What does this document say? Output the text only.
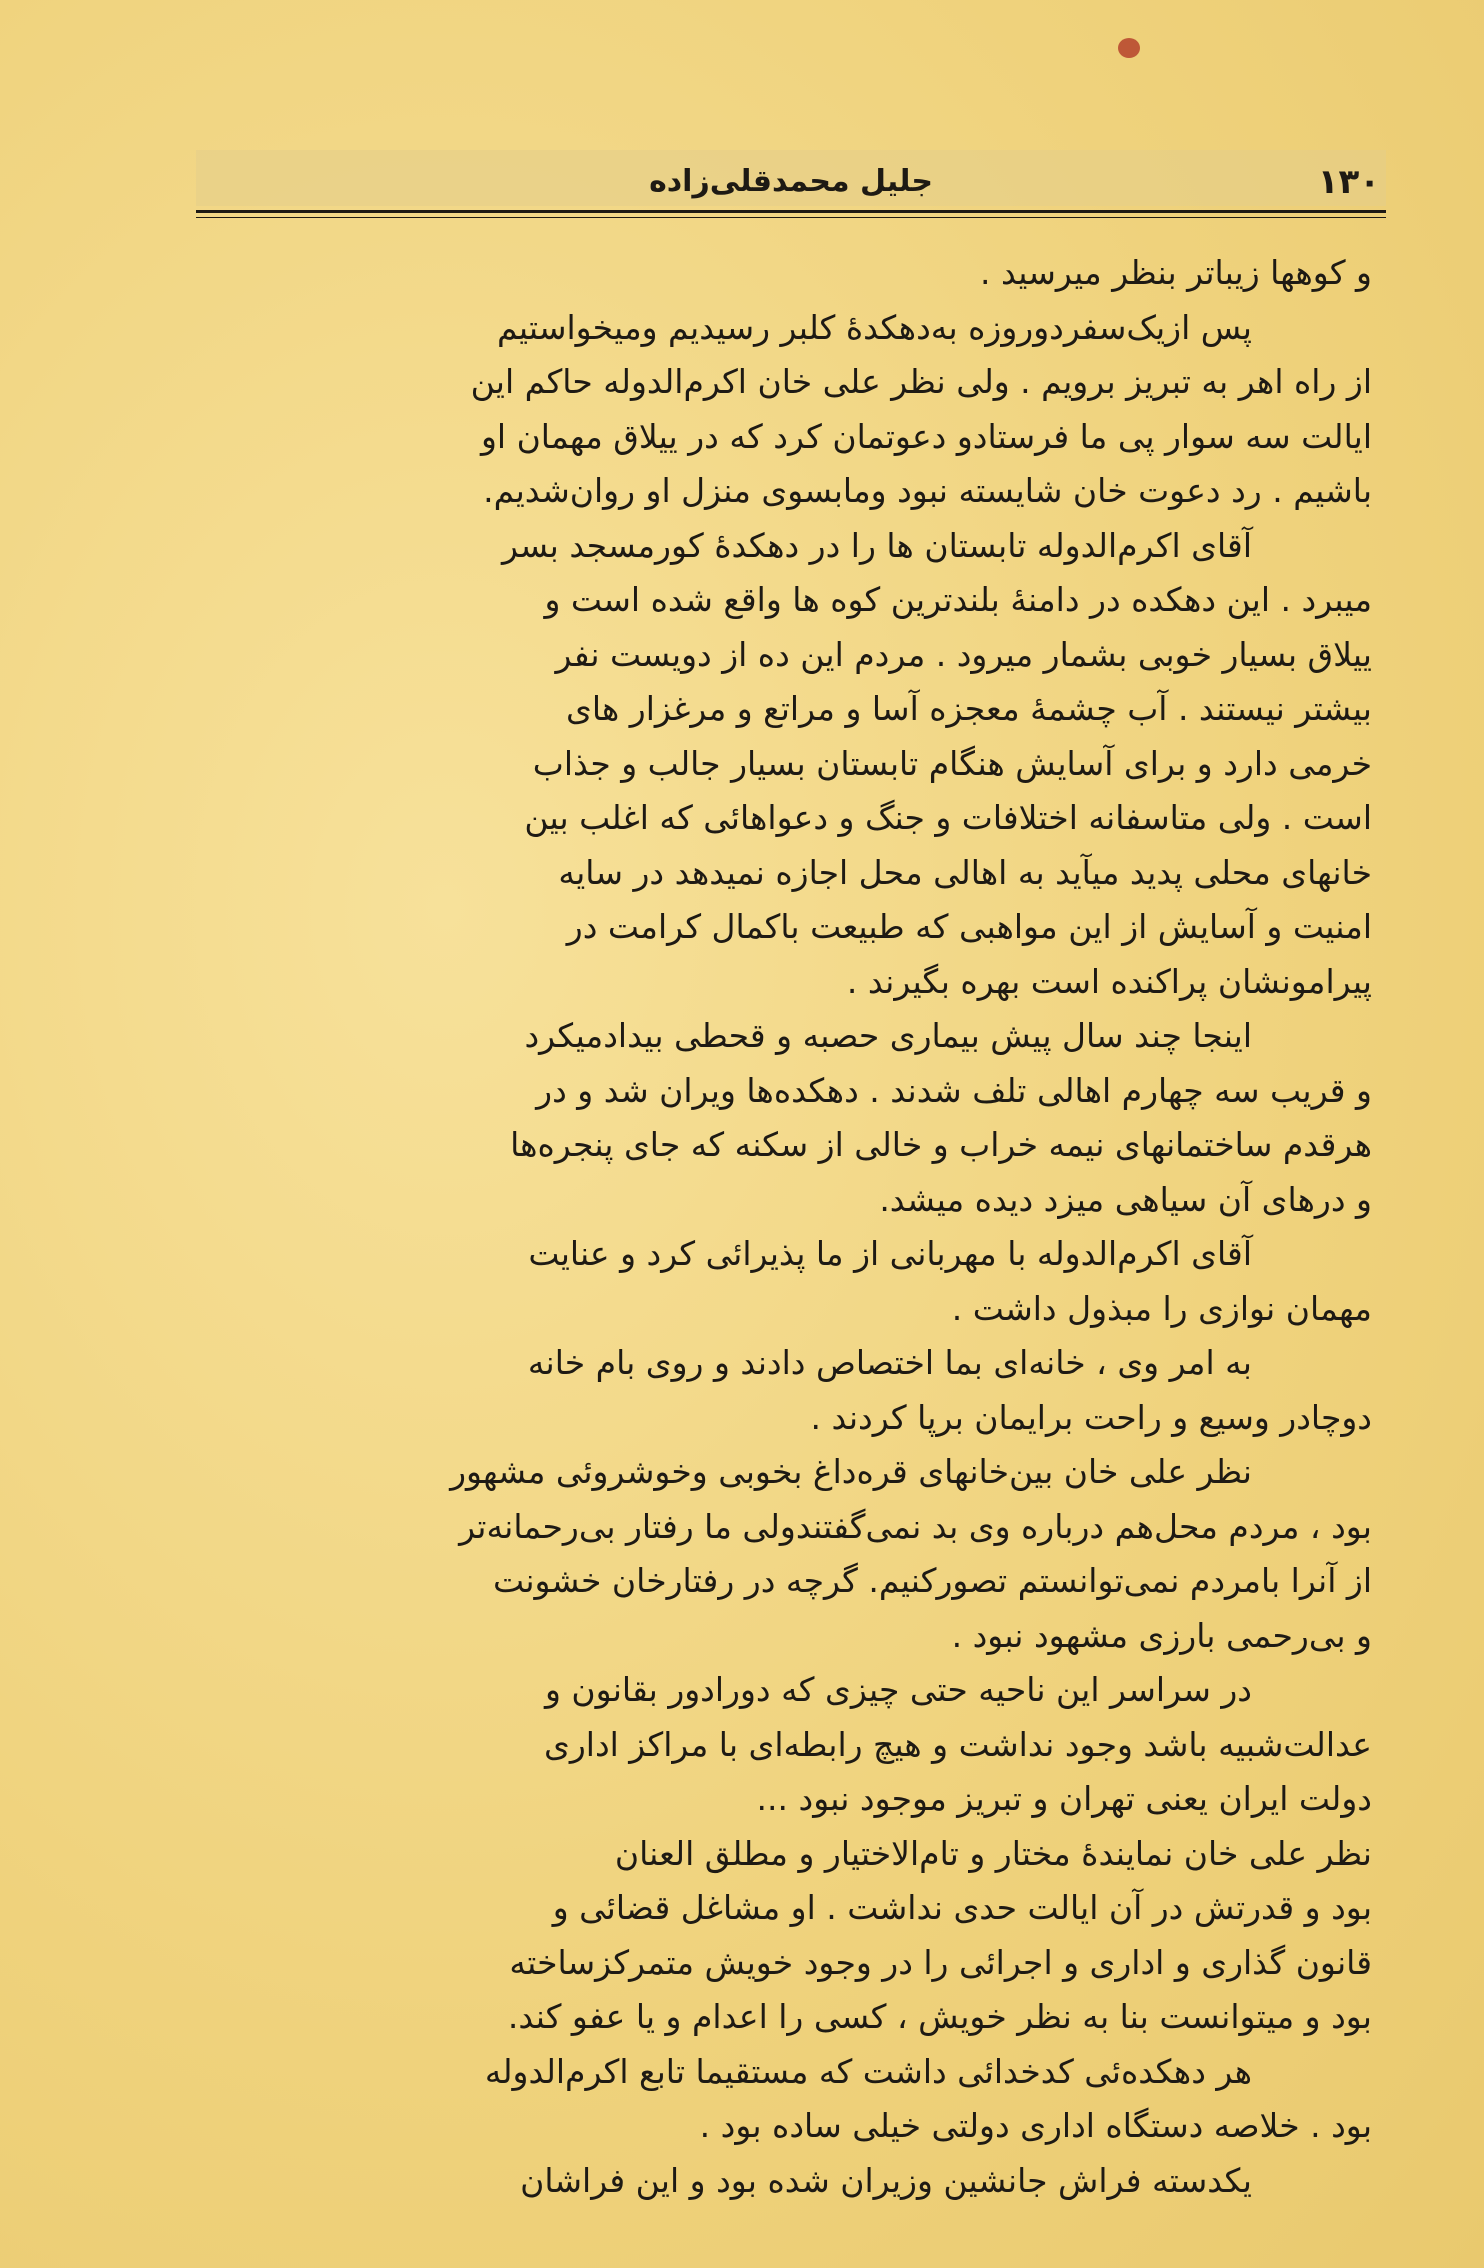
۱۳۰
جلیل محمدقلی‌زاده
و کوهها زیباتر بنظر میرسید .
پس ازیک‌سفردوروزه به‌دهکدهٔ کلبر رسیدیم ومیخواستیم
از راه اهر به تبریز برویم . ولی نظر علی خان اکرم‌الدوله حاکم این
ایالت سه سوار پی ما فرستادو دعوتمان کرد که در ییلاق مهمان او
باشیم . رد دعوت خان شایسته نبود ومابسوی منزل او روان‌شدیم.
آقای اکرم‌الدوله تابستان ها را در دهکدهٔ کورمسجد بسر
میبرد . این دهکده در دامنهٔ بلندترین کوه ها واقع شده است و
ییلاق بسیار خوبی بشمار میرود . مردم این ده از دویست نفر
بیشتر نیستند . آب چشمهٔ معجزه آسا و مراتع و مرغزار های
خرمی دارد و برای آسایش هنگام تابستان بسیار جالب و جذاب
است . ولی متاسفانه اختلافات و جنگ و دعواهائی که اغلب بین
خانهای محلی پدید میآید به اهالی محل اجازه نمیدهد در سایه
امنیت و آسایش از این مواهبی که طبیعت باکمال کرامت در
پیرامونشان پراکنده است بهره بگیرند .
اینجا چند سال پیش بیماری حصبه و قحطی بیدادمیکرد
و قریب سه چهارم اهالی تلف شدند . دهکده‌ها ویران شد و در
هرقدم ساختمانهای نیمه خراب و خالی از سکنه که جای پنجره‌ها
و درهای آن سیاهی میزد دیده میشد.
آقای اکرم‌الدوله با مهربانی از ما پذیرائی کرد و عنایت
مهمان نوازی را مبذول داشت .
به امر وی ، خانه‌ای بما اختصاص دادند و روی بام خانه
دوچادر وسیع و راحت برایمان برپا کردند .
نظر علی خان بین‌خانهای قره‌داغ بخوبی وخوشروئی مشهور
بود ، مردم محل‌هم درباره وی بد نمی‌گفتندولی ما رفتار بی‌رحمانه‌تر
از آنرا بامردم نمی‌توانستم تصورکنیم. گرچه در رفتارخان خشونت
و بی‌رحمی بارزی مشهود نبود .
در سراسر این ناحیه حتی چیزی که دورادور بقانون و
عدالت‌شبیه باشد وجود نداشت و هیچ رابطه‌ای با مراکز اداری
دولت ایران یعنی تهران و تبریز موجود نبود ...
نظر علی خان نمایندهٔ مختار و تام‌الاختیار و مطلق العنان
بود و قدرتش در آن ایالت حدی نداشت . او مشاغل قضائی و
قانون گذاری و اداری و اجرائی را در وجود خویش متمرکزساخته
بود و میتوانست بنا به نظر خویش ، کسی را اعدام و یا عفو کند.
هر دهکده‌ئی کدخدائی داشت که مستقیما تابع اکرم‌الدوله
بود . خلاصه دستگاه اداری دولتی خیلی ساده بود .
یکدسته فراش جانشین وزیران شده بود و این فراشان
